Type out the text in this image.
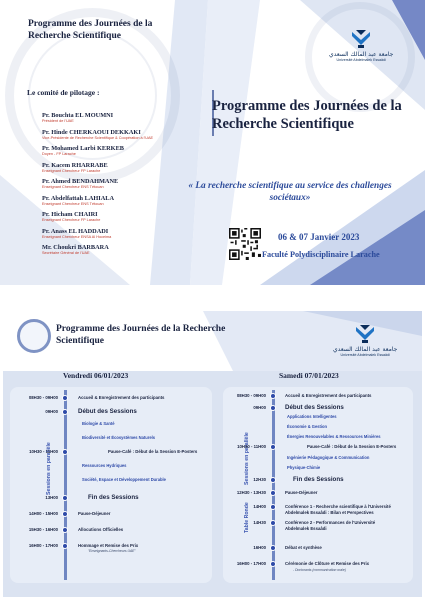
Programme des Journées de la Recherche Scientifique
جامعة عبد المالك السعدي
Université Abdelmalek Essaâdi
Programme des Journées de la Recherche Scientifique
Le comité de pilotage :
Pr. Bouchta EL MOUMNI
Président de l'UAE
Pr. Hinde CHERKAOUI DEKKAKI
Vice-Présidente de Recherche Scientifique & Coopération à l'UAE
Pr. Mohamed Larbi KERKEB
Doyen - FP Larache
Pr. Kacem RHARRABE
Enseignant Chercheur FP Larache
Pr. Ahmed BENDAHMANE
Enseignant Chercheur ENS Tétouan
Pr. Abdelfattah LAHIALA
Enseignant Chercheur ENS Tétouan
Pr. Hicham CHAIRI
Enseignant Chercheur FP Larache
Pr. Anass EL HADDADI
Enseignant Chercheur ENSA Al Hoceima
Mr. Choukri BARBARA
Secrétaire Général de l'UAE
« La recherche scientifique au service des challenges sociétaux»
06 & 07 Janvier 2023
Faculté Polydisciplinaire Larache
Programme des Journées de la Recherche Scientifique
جامعة عبد المالك السعدي
Université Abdelmalek Essaâdi
Vendredi 06/01/2023	Samedi 07/01/2023
Sessions en parallèle
08H30 - 09H00	Accueil & Enregistrement des participants
09H00	Début des Sessions
Biologie & Santé
Biodiversité et Écosystèmes Naturels
10H30 - 11H00	Pause-Café : Début de la Session E-Posters
Ressources Hydriques
Société, Espace et Développement Durable
13H00	Fin des Sessions
14H00 - 15H00	Pause-Déjeuner
15H30 - 16H00	Allocutions Officielles
16H00 - 17H00	Hommage et Remise des Prix
"Enseignants-Chercheurs UAE"
Sessions en parallèle
Table Ronde
08H30 - 09H00	Accueil & Enregistrement des participants
09H00	Début des Sessions
Applications Intelligentes
Économie & Gestion
Énergies Renouvelables & Ressources Minières
10H30 - 11H00	Pause-Café : Début de la Session E-Posters
Ingénierie Pédagogique & Communication
Physique-Chimie
12H30	Fin des Sessions
12H30 - 13H30	Pause-Déjeuner
14H00	Conférence 1 - Recherche scientifique à l'Université
Abdelmalek Essaâdi : Bilan et Perspectives
14H30	Conférence 2 - Performances de l'Université
Abdelmalek Essaâdi
16H00	Débat et synthèse
16H00 - 17H00	Cérémonie de Clôture et Remise des Prix
- Doctorants (communication orale)
